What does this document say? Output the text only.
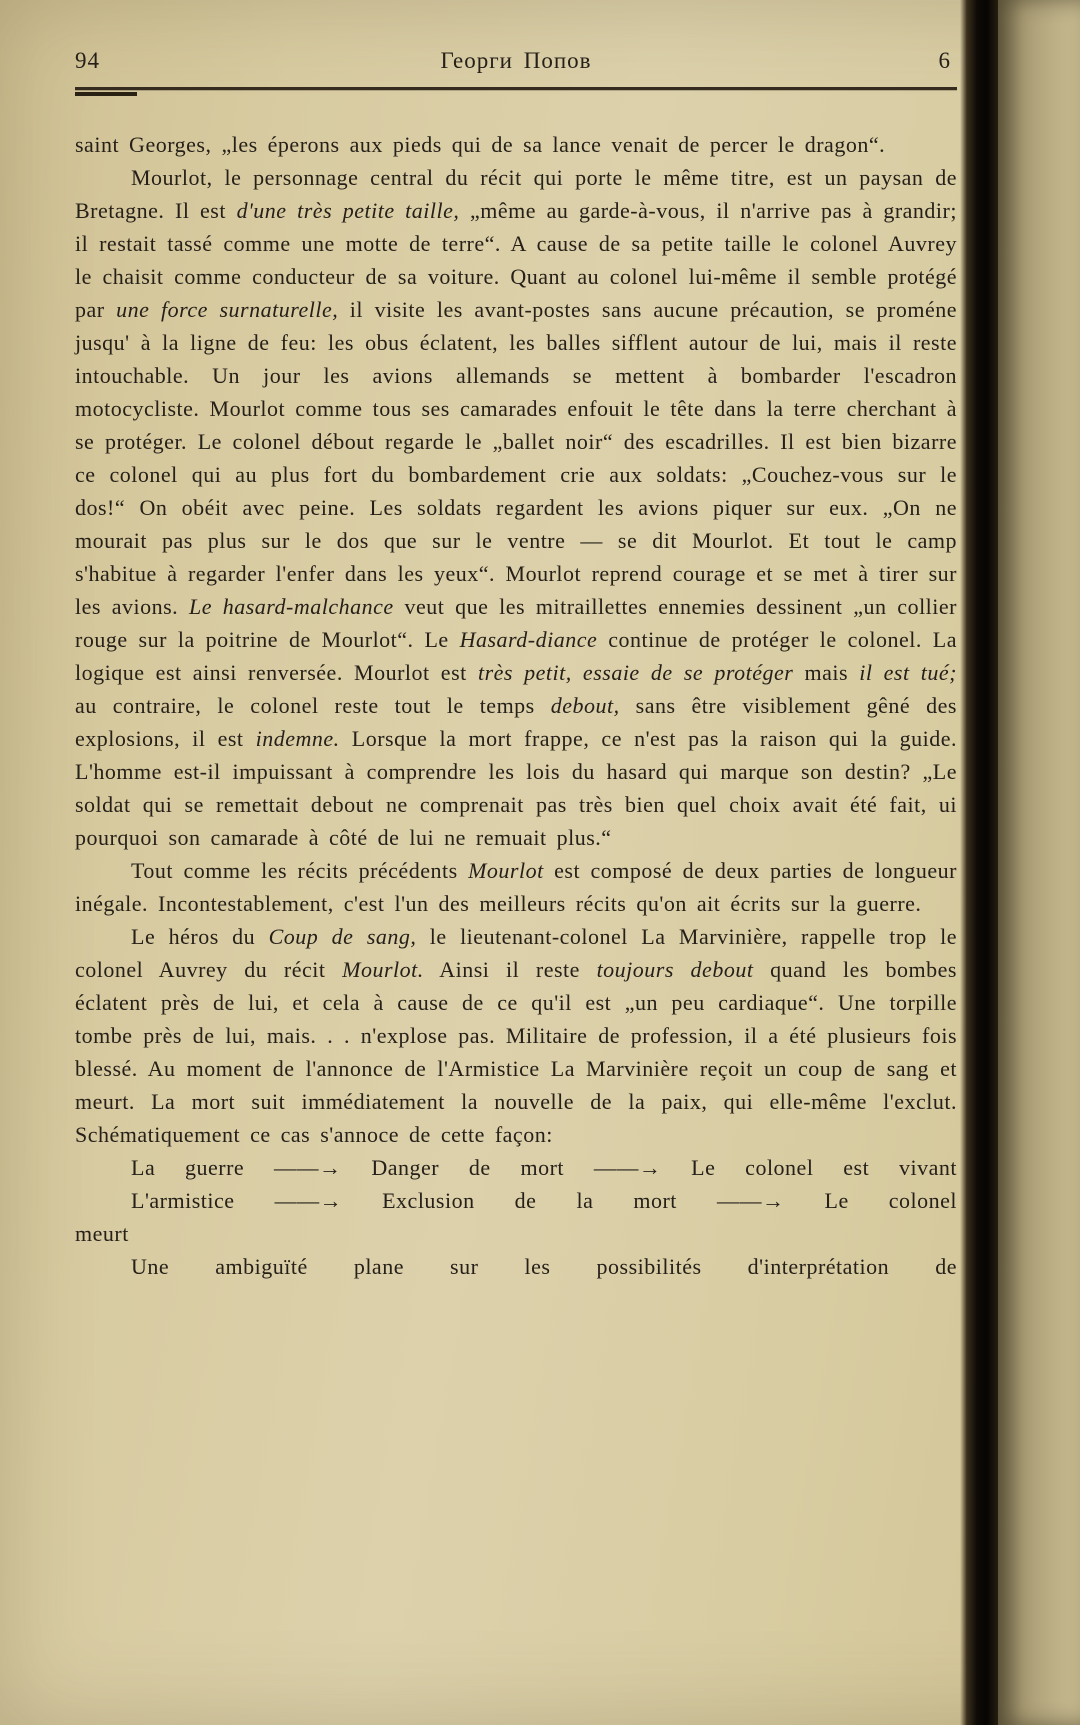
94	Георги Попов	6

saint Georges, „les éperons aux pieds qui de sa lance venait de percer le dragon“.

Mourlot, le personnage central du récit qui porte le même titre, est un paysan de Bretagne. Il est d'une très petite taille, „même au garde-à-vous, il n'arrive pas à grandir; il restait tassé comme une motte de terre“. A cause de sa petite taille le colonel Auvrey le chaisit comme conducteur de sa voiture. Quant au colonel lui-même il semble protégé par une force surnaturelle, il visite les avant-postes sans aucune précaution, se proméne jusqu' à la ligne de feu: les obus éclatent, les balles sifflent autour de lui, mais il reste intouchable. Un jour les avions allemands se mettent à bombarder l'escadron motocycliste. Mourlot comme tous ses camarades enfouit le tête dans la terre cherchant à se protéger. Le colonel débout regarde le „ballet noir“ des escadrilles. Il est bien bizarre ce colonel qui au plus fort du bombardement crie aux soldats: „Couchez-vous sur le dos!“ On obéit avec peine. Les soldats regardent les avions piquer sur eux. „On ne mourait pas plus sur le dos que sur le ventre — se dit Mourlot. Et tout le camp s'habitue à regarder l'enfer dans les yeux“. Mourlot reprend courage et se met à tirer sur les avions. Le hasard-malchance veut que les mitraillettes ennemies dessinent „un collier rouge sur la poitrine de Mourlot“. Le Hasard-diance continue de protéger le colonel. La logique est ainsi renversée. Mourlot est très petit, essaie de se protéger mais il est tué; au contraire, le colonel reste tout le temps debout, sans être visiblement gêné des explosions, il est indemne. Lorsque la mort frappe, ce n'est pas la raison qui la guide. L'homme est-il impuissant à comprendre les lois du hasard qui marque son destin? „Le soldat qui se remettait debout ne comprenait pas très bien quel choix avait été fait, ui pourquoi son camarade à côté de lui ne remuait plus.“

Tout comme les récits précédents Mourlot est composé de deux parties de longueur inégale. Incontestablement, c'est l'un des meilleurs récits qu'on ait écrits sur la guerre.

Le héros du Coup de sang, le lieutenant-colonel La Marvinière, rappelle trop le colonel Auvrey du récit Mourlot. Ainsi il reste toujours debout quand les bombes éclatent près de lui, et cela à cause de ce qu'il est „un peu cardiaque“. Une torpille tombe près de lui, mais. . . n'explose pas. Militaire de profession, il a été plusieurs fois blessé. Au moment de l'annonce de l'Armistice La Marvinière reçoit un coup de sang et meurt. La mort suit immédiatement la nouvelle de la paix, qui elle-même l'exclut. Schématiquement ce cas s'annoce de cette façon:

La guerre ——→ Danger de mort ——→ Le colonel est vivant

L'armistice ——→ Exclusion de la mort ——→ Le colonel

meurt

Une ambiguïté plane sur les possibilités d'interprétation de
